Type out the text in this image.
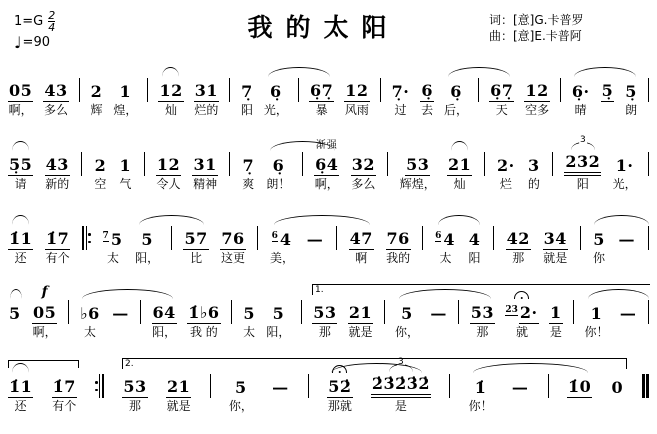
$1=G \frac{2}{4}$
♩ =90
我的太阳	词：[意]G.卡普罗
曲：[意]E.卡普阿
05
啊，
43
多么
2
辉
1
煌，
12
灿
31
烂的
7̣
阳
6̣
光，
6̣7̣
暴
12
风雨
7̣·
过
6̣
去
6̣
后，
6̣7̣
天
12
空多
6̣·
晴
5̣ 5̣
朗
5̣5
请
43
新的
2
空
1
气
12
令人
31
精神
7̣
爽
6̣
朗！
渐强
6̣4
啊，
32
多么
53
辉煌，
21
灿
2·
烂
3
的
3
232
阳
1·
光，
1̇1
还
1̇7
有个
7 5
太
5
阳，
57
比
76
这更
6 4
美，
— 47
啊
76
我的
6 4
太
4
阳
42
那
34
就是
5
你
—
5
f
05
啊，
♭6
太
— 64
阳，
1̇♭6
我 的
5
太
5
阳，
53
那
21
就是
5
你，
— 53
那
23 2·
就
1
是
1
你！
—
1.
1̇1
还
1̇7
有个
53
那
21
就是
5
你，
— 52̇
那就
3
2̇3̇2̇3̇2̇
是
1̇
你！
— 1̇0 0
2.
